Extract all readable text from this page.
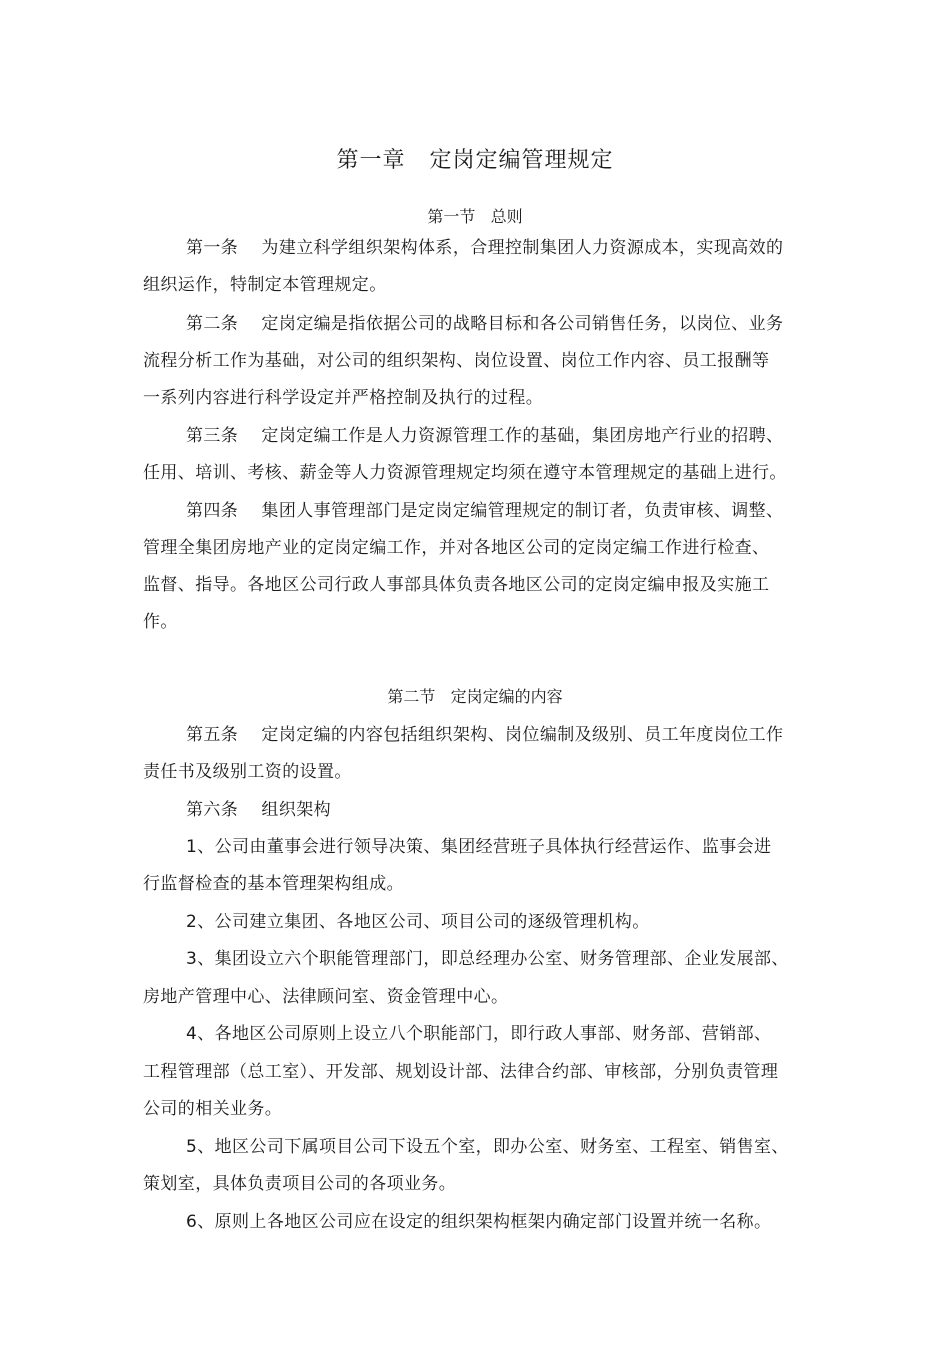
第一章   定岗定编管理规定
第一节   总则
第一条    为建立科学组织架构体系，合理控制集团人力资源成本，实现高效的
组织运作，特制定本管理规定。
第二条    定岗定编是指依据公司的战略目标和各公司销售任务，以岗位、业务
流程分析工作为基础，对公司的组织架构、岗位设置、岗位工作内容、员工报酬等
一系列内容进行科学设定并严格控制及执行的过程。
第三条    定岗定编工作是人力资源管理工作的基础，集团房地产行业的招聘、
任用、培训、考核、薪金等人力资源管理规定均须在遵守本管理规定的基础上进行。
第四条    集团人事管理部门是定岗定编管理规定的制订者，负责审核、调整、
管理全集团房地产业的定岗定编工作，并对各地区公司的定岗定编工作进行检查、
监督、指导。各地区公司行政人事部具体负责各地区公司的定岗定编申报及实施工
作。
第二节   定岗定编的内容
第五条    定岗定编的内容包括组织架构、岗位编制及级别、员工年度岗位工作
责任书及级别工资的设置。
第六条    组织架构
1、公司由董事会进行领导决策、集团经营班子具体执行经营运作、监事会进
行监督检查的基本管理架构组成。
2、公司建立集团、各地区公司、项目公司的逐级管理机构。
3、集团设立六个职能管理部门，即总经理办公室、财务管理部、企业发展部、
房地产管理中心、法律顾问室、资金管理中心。
4、各地区公司原则上设立八个职能部门，即行政人事部、财务部、营销部、
工程管理部（总工室）、开发部、规划设计部、法律合约部、审核部，分别负责管理
公司的相关业务。
5、地区公司下属项目公司下设五个室，即办公室、财务室、工程室、销售室、
策划室，具体负责项目公司的各项业务。
6、原则上各地区公司应在设定的组织架构框架内确定部门设置并统一名称。
